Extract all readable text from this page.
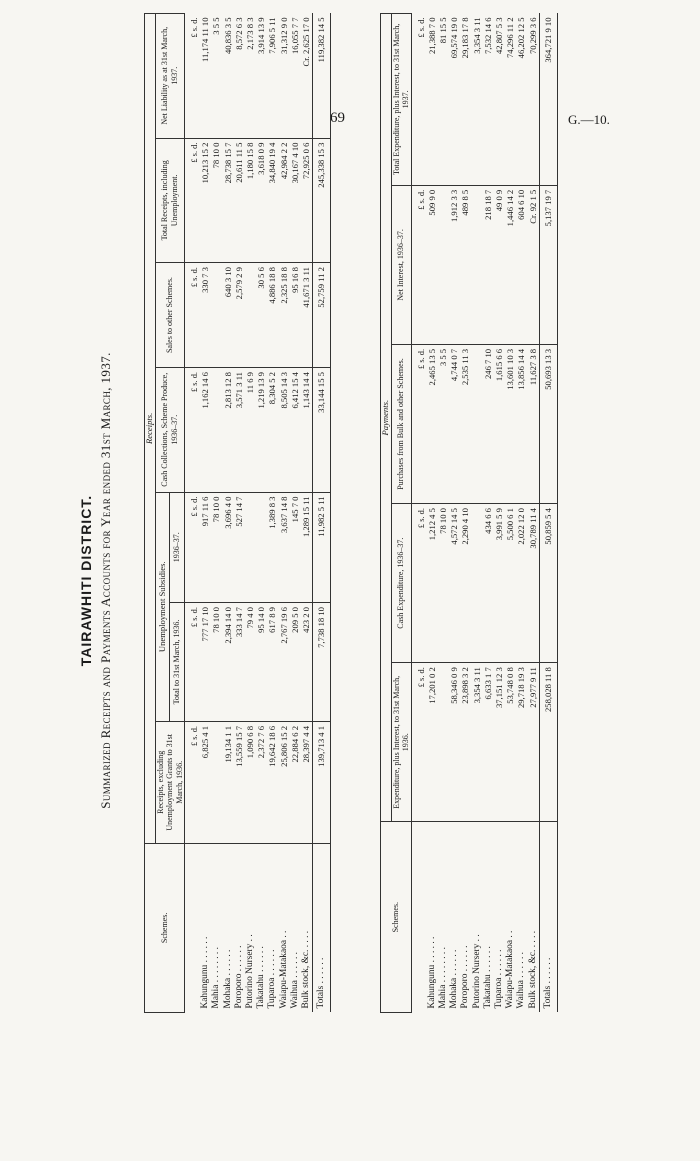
69	G.—10.
TAIRAWHITI DISTRICT. Summarized Receipts and Payments Accounts for Year ended 31st March, 1937.
Schemes.	Receipts.						
	Receipts, excluding Unemployment Grants to 31st March, 1936.	Unemployment Subsidies.		Cash Collections, Scheme Produce, 1936–37.	Sales to other Schemes.	Total Receipts, including Unemployment.	Net Liability as at 31st March, 1937.
		Total to 31st March, 1936.	1936–37.				
	£ s. d.	£ s. d.	£ s. d.	£ s. d.	£ s. d.	£ s. d.	£ s. d.
Kahungunu . . . . . .	6,825 4 1	777 17 10	917 11 6	1,162 14 6	330 7 3	10,213 15 2	11,174 11 10
Mahia . . . . . . . .		78 10 0	78 10 0			78 10 0	3 5 5
Mohaka . . . . . .	19,134 1 1	2,394 14 0	3,696 4 0	2,813 12 8	640 3 10	28,738 15 7	40,836 3 5
Poroporo . . . . . .	13,559 15 7	333 14 7	527 14 7	3,571 3 11	2,579 2 9	20,611 11 5	8,572 6 3
Putorino Nursery . .	1,090 6 8	79 4 0		11 6 9		1,180 15 8	2,173 8 3
Takatahu . . . . . .	2,372 7 6	95 14 0		1,219 13 9	30 5 6	3,618 0 9	3,914 13 9
Tuparoa . . . . . .	19,642 18 6	617 8 9	1,389 8 3	8,304 5 2	4,886 18 8	34,840 19 4	7,906 5 11
Waiapu-Matakaoa . .	25,806 15 2	2,767 19 6	3,637 14 8	8,505 14 3	2,325 18 8	42,984 2 2	31,312 9 0
Waihua . . . . . .	22,884 6 2	209 5 0	145 7 0	6,412 15 4	95 16 8	30,167 4 10	16,055 7 7
Bulk stock, &c. . . . .	28,397 4 4	423 2 0	1,289 15 11	1,143 14 4	41,671 3 11	72,925 0 6	Cr. 2,625 17 0
Totals . . . . . .	139,713 4 1	7,738 18 10	11,982 5 11	33,144 15 5	52,759 11 2	245,338 15 3	119,382 14 5
Schemes.	Payments.				
	Expenditure, plus Interest, to 31st March, 1936.	Cash Expenditure, 1936–37.	Purchases from Bulk and other Schemes.	Net Interest, 1936–37.	Total Expenditure, plus Interest, to 31st March, 1937.
	£ s. d.	£ s. d.	£ s. d.	£ s. d.	£ s. d.
Kahungunu . . . . . .	17,201 0 2	1,212 4 5	2,465 13 5	509 9 0	21,388 7 0
Mahia . . . . . . . .		78 10 0	3 5 5		81 15 5
Mohaka . . . . . .	58,346 0 9	4,572 14 5	4,744 0 7	1,912 3 3	69,574 19 0
Poroporo . . . . . .	23,898 3 2	2,290 4 10	2,535 11 3	489 8 5	29,183 17 8
Putorino Nursery . .	3,354 3 11				3,354 3 11
Takatahu . . . . . .	6,633 1 7	434 6 6	246 7 10	218 18 7	7,532 14 6
Tuparoa . . . . . .	37,151 12 3	3,991 5 9	1,615 6 6	49 0 9	42,807 5 3
Waiapu-Matakaoa . .	53,748 0 8	5,500 6 1	13,601 10 3	1,446 14 2	74,296 11 2
Waihua . . . . . .	29,718 19 3	2,022 12 0	13,856 14 4	604 6 10	46,202 12 5
Bulk stock, &c. . . . .	27,977 9 11	30,789 11 4	11,627 3 8	Cr. 92 1 5	70,299 3 6
Totals . . . . . .	258,028 11 8	50,859 5 4	50,693 13 3	5,137 19 7	364,721 9 10
